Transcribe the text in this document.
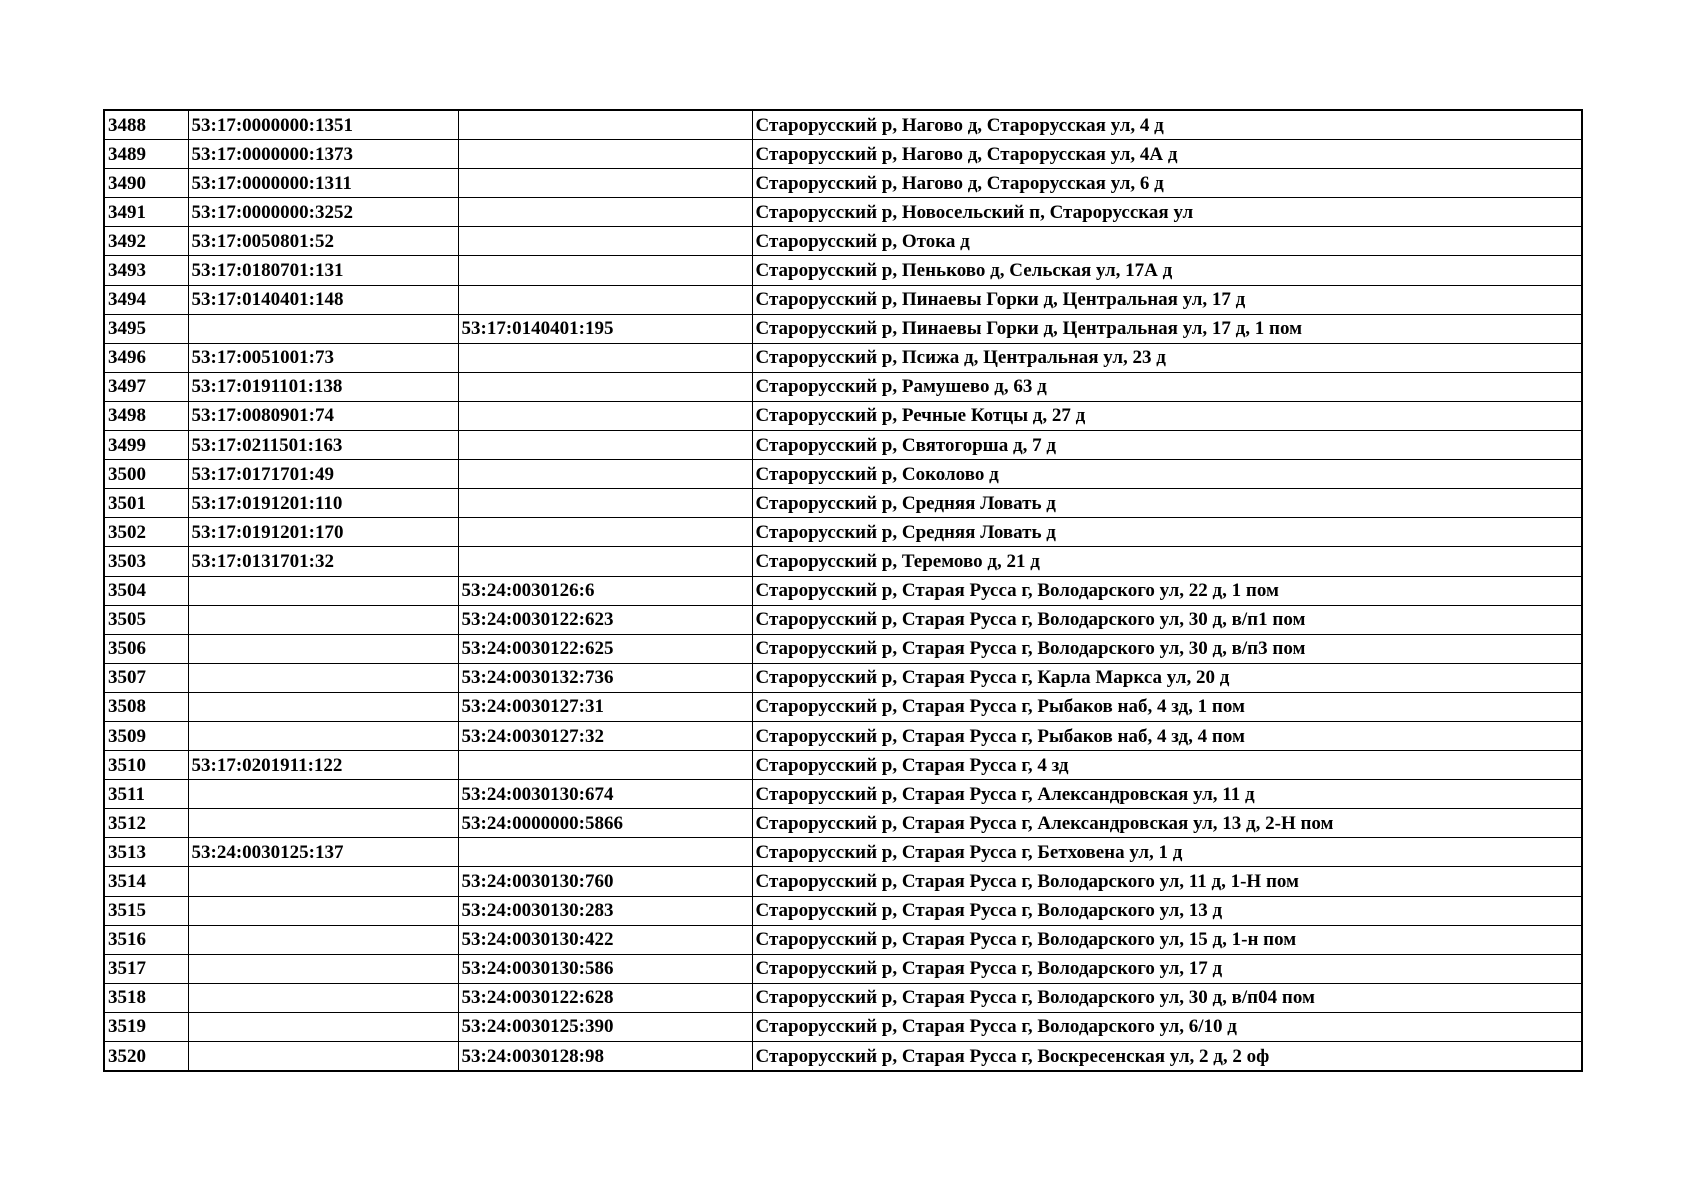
3488	53:17:0000000:1351		Старорусский р, Нагово д, Старорусская ул, 4 д
3489	53:17:0000000:1373		Старорусский р, Нагово д, Старорусская ул, 4А д
3490	53:17:0000000:1311		Старорусский р, Нагово д, Старорусская ул, 6 д
3491	53:17:0000000:3252		Старорусский р, Новосельский п, Старорусская ул
3492	53:17:0050801:52		Старорусский р, Отока д
3493	53:17:0180701:131		Старорусский р, Пеньково д, Сельская ул, 17А д
3494	53:17:0140401:148		Старорусский р, Пинаевы Горки д, Центральная ул, 17 д
3495		53:17:0140401:195	Старорусский р, Пинаевы Горки д, Центральная ул, 17 д, 1 пом
3496	53:17:0051001:73		Старорусский р, Псижа д, Центральная ул, 23 д
3497	53:17:0191101:138		Старорусский р, Рамушево д, 63 д
3498	53:17:0080901:74		Старорусский р, Речные Котцы д, 27 д
3499	53:17:0211501:163		Старорусский р, Святогорша д, 7 д
3500	53:17:0171701:49		Старорусский р, Соколово д
3501	53:17:0191201:110		Старорусский р, Средняя Ловать д
3502	53:17:0191201:170		Старорусский р, Средняя Ловать д
3503	53:17:0131701:32		Старорусский р, Теремово д, 21 д
3504		53:24:0030126:6	Старорусский р, Старая Русса г, Володарского ул, 22 д, 1 пом
3505		53:24:0030122:623	Старорусский р, Старая Русса г, Володарского ул, 30 д, в/п1 пом
3506		53:24:0030122:625	Старорусский р, Старая Русса г, Володарского ул, 30 д, в/п3 пом
3507		53:24:0030132:736	Старорусский р, Старая Русса г, Карла Маркса ул, 20 д
3508		53:24:0030127:31	Старорусский р, Старая Русса г, Рыбаков наб, 4 зд, 1 пом
3509		53:24:0030127:32	Старорусский р, Старая Русса г, Рыбаков наб, 4 зд, 4 пом
3510	53:17:0201911:122		Старорусский р, Старая Русса г, 4 зд
3511		53:24:0030130:674	Старорусский р, Старая Русса г, Александровская ул, 11 д
3512		53:24:0000000:5866	Старорусский р, Старая Русса г, Александровская ул, 13 д, 2-Н пом
3513	53:24:0030125:137		Старорусский р, Старая Русса г, Бетховена ул, 1 д
3514		53:24:0030130:760	Старорусский р, Старая Русса г, Володарского ул, 11 д, 1-Н пом
3515		53:24:0030130:283	Старорусский р, Старая Русса г, Володарского ул, 13 д
3516		53:24:0030130:422	Старорусский р, Старая Русса г, Володарского ул, 15 д, 1-н пом
3517		53:24:0030130:586	Старорусский р, Старая Русса г, Володарского ул, 17 д
3518		53:24:0030122:628	Старорусский р, Старая Русса г, Володарского ул, 30 д, в/п04 пом
3519		53:24:0030125:390	Старорусский р, Старая Русса г, Володарского ул, 6/10 д
3520		53:24:0030128:98	Старорусский р, Старая Русса г, Воскресенская ул, 2 д, 2 оф
